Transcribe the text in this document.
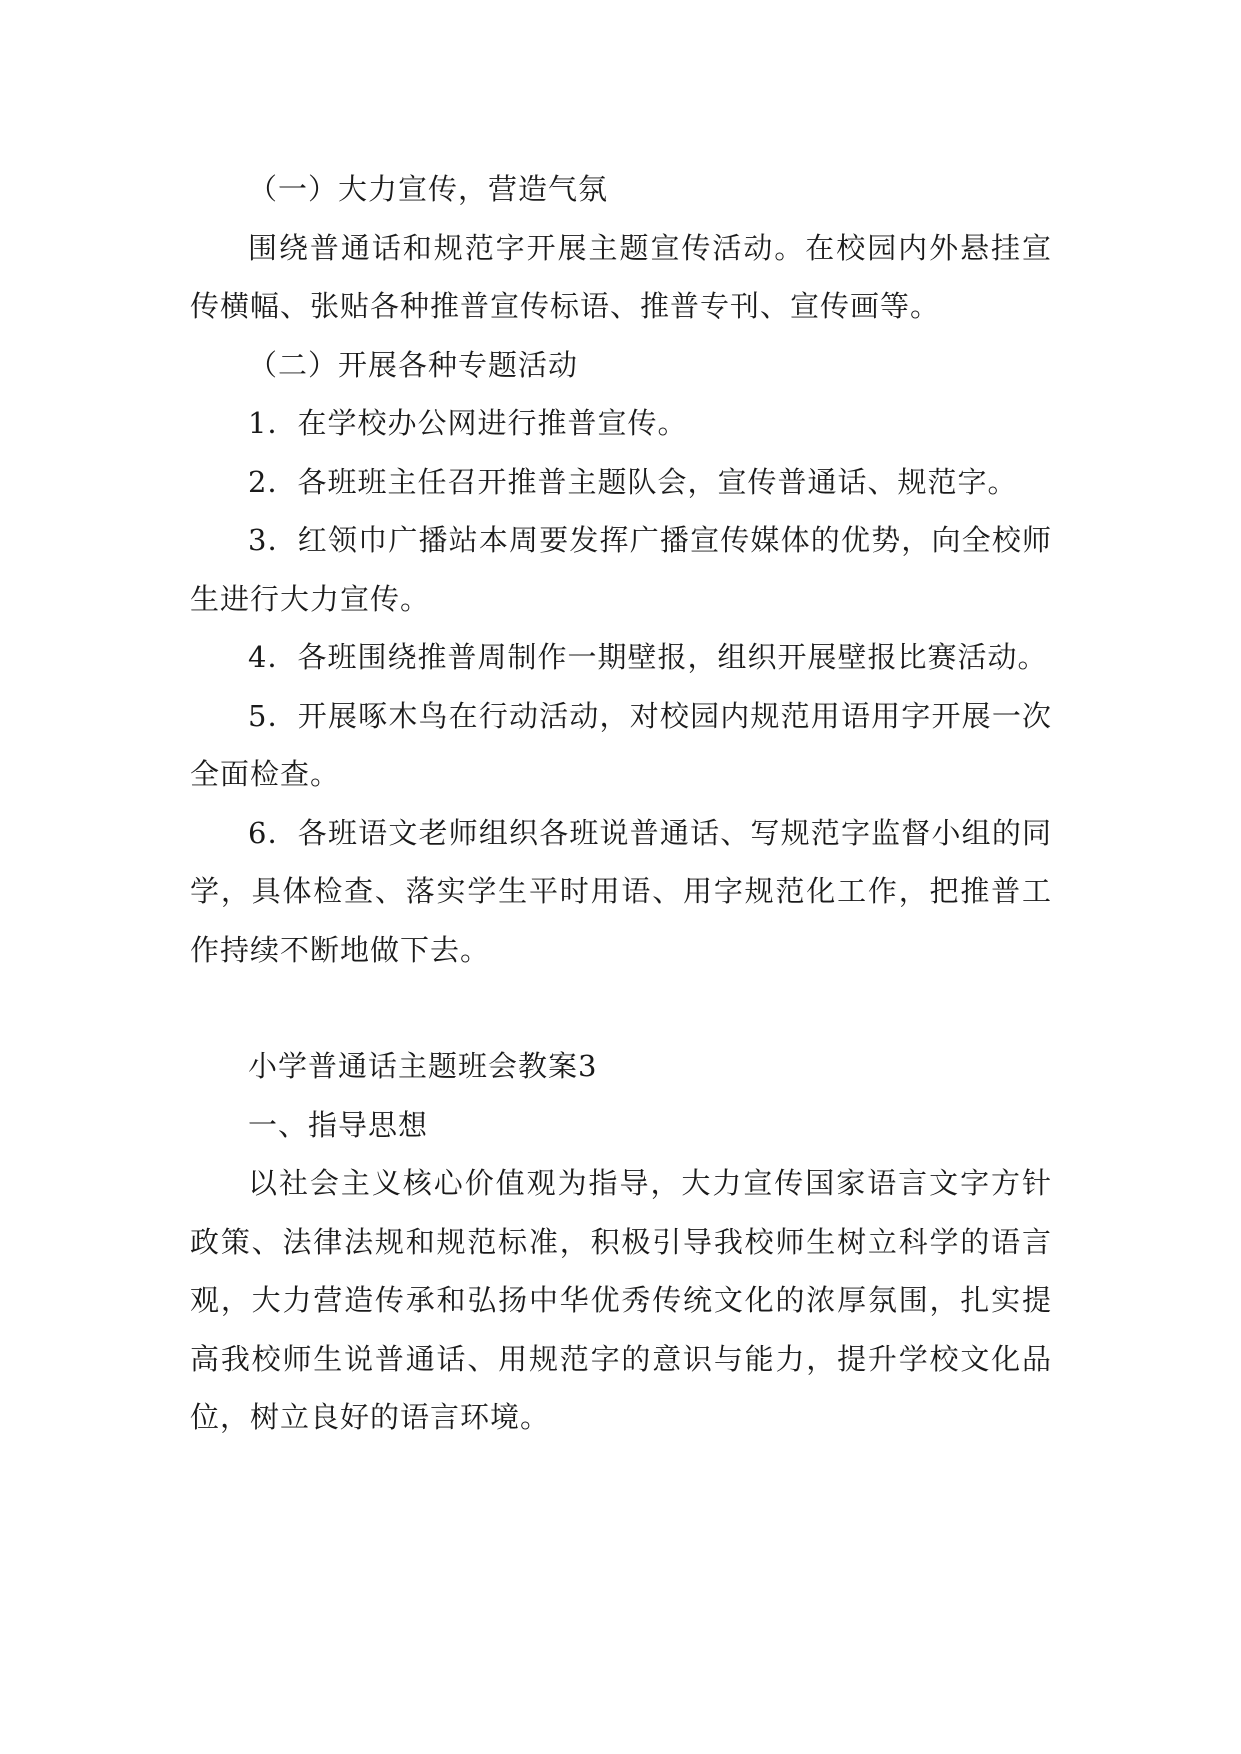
（一）大力宣传，营造气氛

围绕普通话和规范字开展主题宣传活动。在校园内外悬挂宣传横幅、张贴各种推普宣传标语、推普专刊、宣传画等。

（二）开展各种专题活动

1．在学校办公网进行推普宣传。

2．各班班主任召开推普主题队会，宣传普通话、规范字。

3．红领巾广播站本周要发挥广播宣传媒体的优势，向全校师生进行大力宣传。

4．各班围绕推普周制作一期壁报，组织开展壁报比赛活动。

5．开展啄木鸟在行动活动，对校园内规范用语用字开展一次全面检查。

6．各班语文老师组织各班说普通话、写规范字监督小组的同学，具体检查、落实学生平时用语、用字规范化工作，把推普工作持续不断地做下去。

小学普通话主题班会教案3

一、指导思想

以社会主义核心价值观为指导，大力宣传国家语言文字方针政策、法律法规和规范标准，积极引导我校师生树立科学的语言观，大力营造传承和弘扬中华优秀传统文化的浓厚氛围，扎实提高我校师生说普通话、用规范字的意识与能力，提升学校文化品位，树立良好的语言环境。
